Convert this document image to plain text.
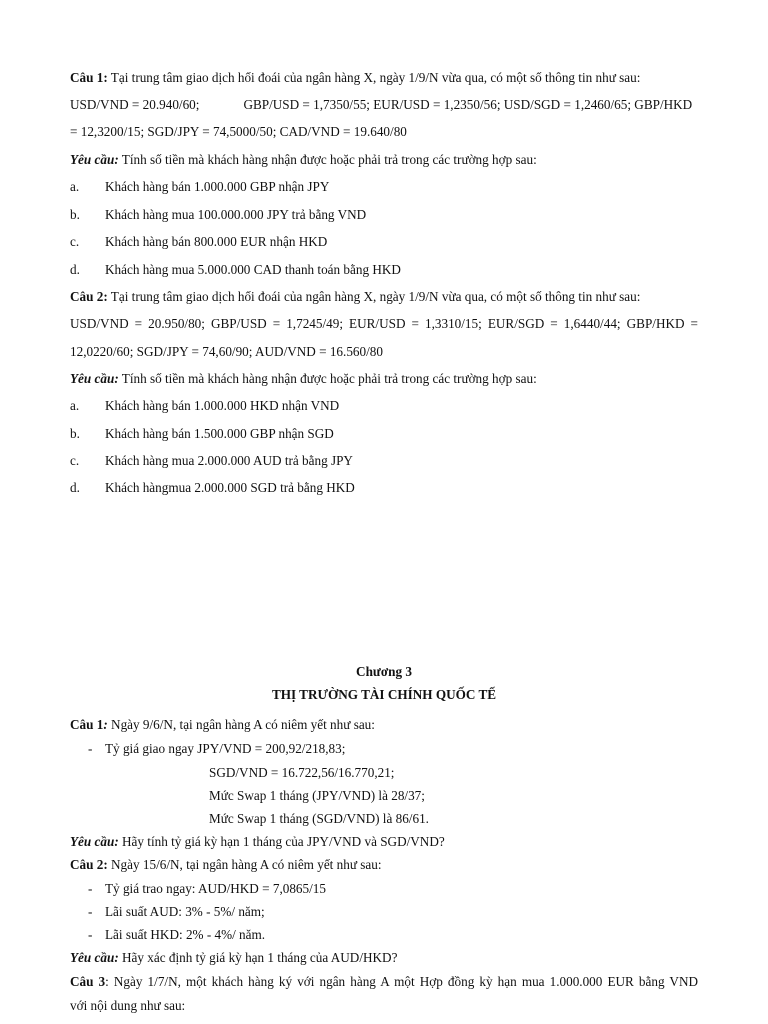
Câu 1: Tại trung tâm giao dịch hối đoái của ngân hàng X, ngày 1/9/N vừa qua, có một số thông tin như sau:
USD/VND = 20.940/60;	GBP/USD = 1,7350/55; EUR/USD = 1,2350/56; USD/SGD = 1,2460/65; GBP/HKD
= 12,3200/15; SGD/JPY = 74,5000/50; CAD/VND = 19.640/80
Yêu cầu: Tính số tiền mà khách hàng nhận được hoặc phải trả trong các trường hợp sau:
a. Khách hàng bán 1.000.000 GBP nhận JPY
b. Khách hàng mua 100.000.000 JPY trả bằng VND
c. Khách hàng bán 800.000 EUR nhận HKD
d. Khách hàng mua 5.000.000 CAD thanh toán bằng HKD
Câu 2: Tại trung tâm giao dịch hối đoái của ngân hàng X, ngày 1/9/N vừa qua, có một số thông tin như sau:
USD/VND = 20.950/80; GBP/USD = 1,7245/49; EUR/USD = 1,3310/15; EUR/SGD = 1,6440/44; GBP/HKD =
12,0220/60; SGD/JPY = 74,60/90; AUD/VND = 16.560/80
Yêu cầu: Tính số tiền mà khách hàng nhận được hoặc phải trả trong các trường hợp sau:
a. Khách hàng bán 1.000.000 HKD nhận VND
b. Khách hàng bán 1.500.000 GBP nhận SGD
c. Khách hàng mua 2.000.000 AUD trả bằng JPY
d. Khách hàngmua 2.000.000 SGD trả bằng HKD
Chương 3
THỊ TRƯỜNG TÀI CHÍNH QUỐC TẾ
Câu 1: Ngày 9/6/N, tại ngân hàng A có niêm yết như sau:
- Tỷ giá giao ngay JPY/VND = 200,92/218,83;
SGD/VND = 16.722,56/16.770,21;
Mức Swap 1 tháng (JPY/VND) là 28/37;
Mức Swap 1 tháng (SGD/VND) là 86/61.
Yêu cầu: Hãy tính tỷ giá kỳ hạn 1 tháng của JPY/VND và SGD/VND?
Câu 2: Ngày 15/6/N, tại ngân hàng A có niêm yết như sau:
- Tỷ giá trao ngay: AUD/HKD = 7,0865/15
- Lãi suất AUD: 3% - 5%/ năm;
- Lãi suất HKD: 2% - 4%/ năm.
Yêu cầu: Hãy xác định tỷ giá kỳ hạn 1 tháng của AUD/HKD?
Câu 3: Ngày 1/7/N, một khách hàng ký với ngân hàng A một Hợp đồng kỳ hạn mua 1.000.000 EUR bằng VND
với nội dung như sau:
